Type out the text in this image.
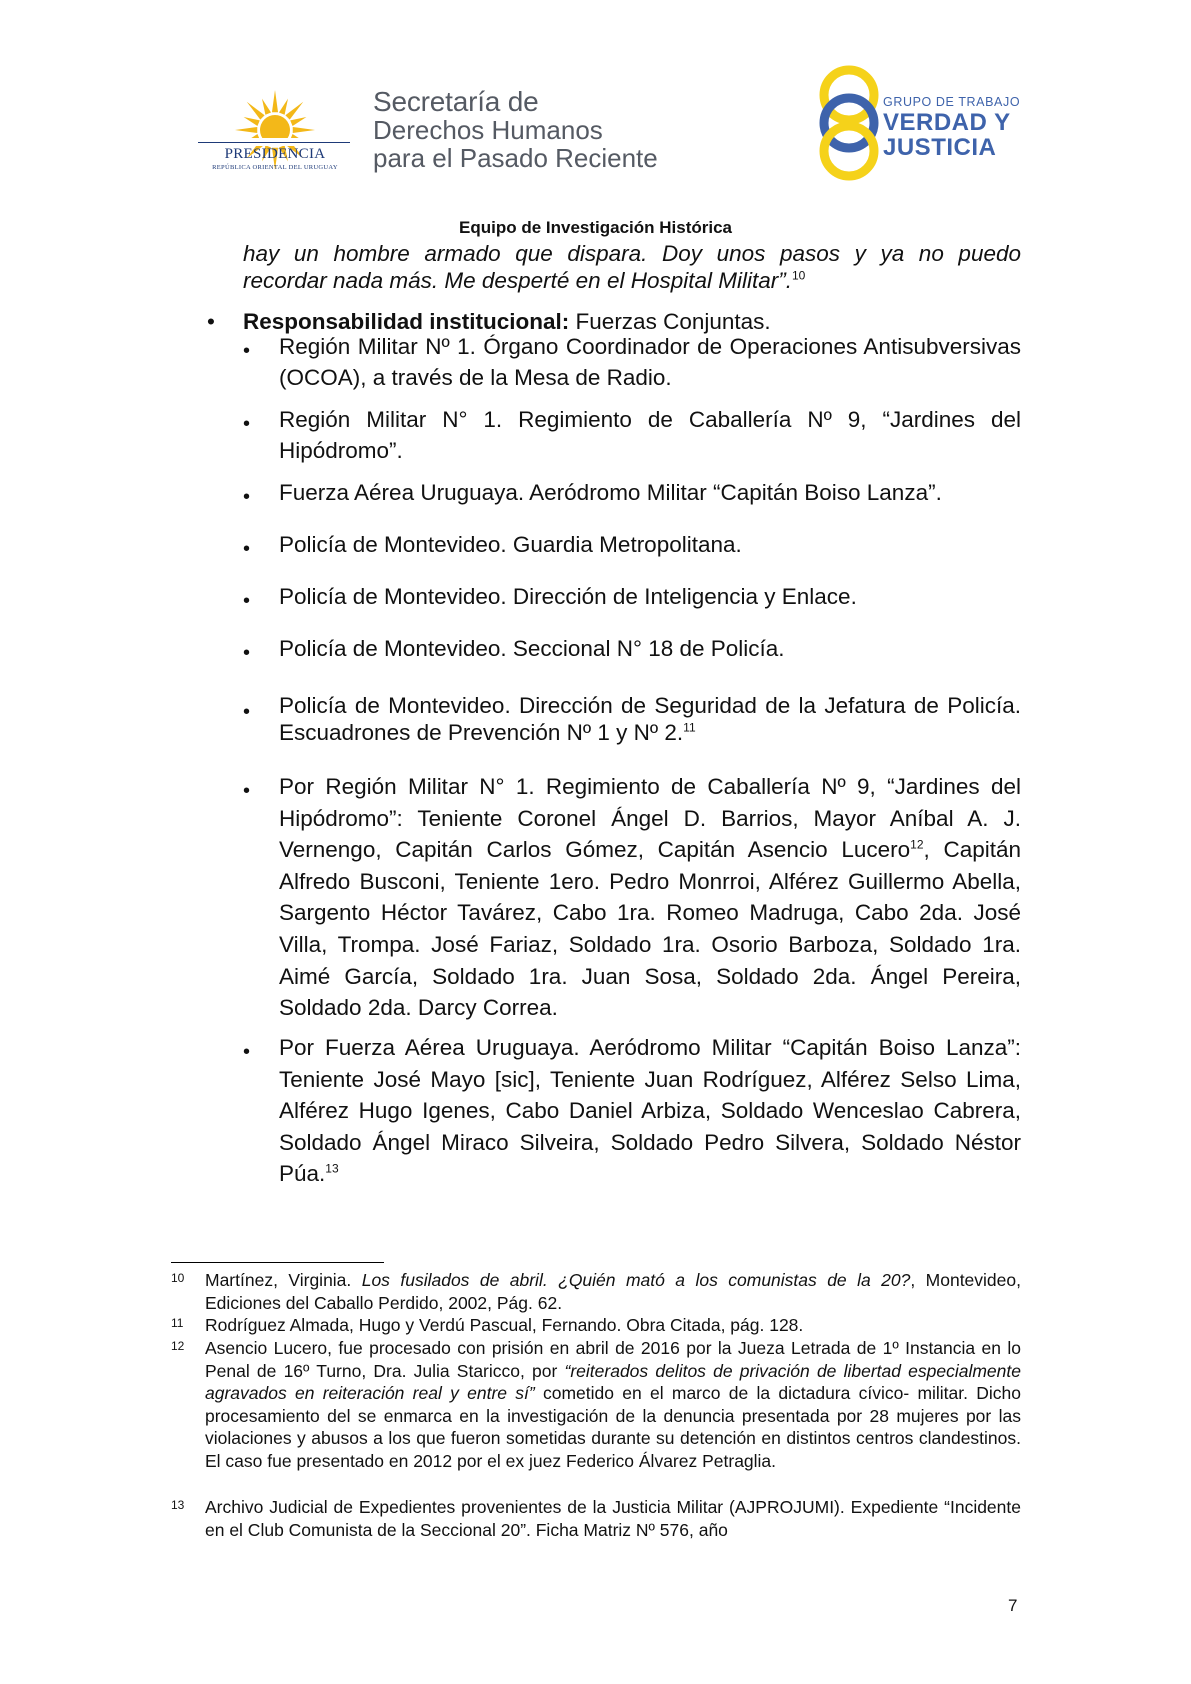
PRESIDENCIA
REPÚBLICA ORIENTAL DEL URUGUAY
Secretaría de
Derechos Humanos
para el Pasado Reciente
GRUPO DE TRABAJO
VERDAD Y
JUSTICIA
Equipo de Investigación Histórica
hay un hombre armado que dispara. Doy unos pasos y ya no puedo
recordar nada más. Me desperté en el Hospital Militar”.$^{10}$
• Responsabilidad institucional: Fuerzas Conjuntas.
• Región Militar Nº 1. Órgano Coordinador de Operaciones Antisubversivas (OCOA), a través de la Mesa de Radio.
• Región Militar N° 1. Regimiento de Caballería Nº 9, “Jardines del Hipódromo”.
• Fuerza Aérea Uruguaya. Aeródromo Militar “Capitán Boiso Lanza”.
• Policía de Montevideo. Guardia Metropolitana.
• Policía de Montevideo. Dirección de Inteligencia y Enlace.
• Policía de Montevideo. Seccional N° 18 de Policía.
• Policía de Montevideo. Dirección de Seguridad de la Jefatura de Policía. Escuadrones de Prevención Nº 1 y Nº 2.11
• Por Región Militar N° 1. Regimiento de Caballería Nº 9, “Jardines del Hipódromo”: Teniente Coronel Ángel D. Barrios, Mayor Aníbal A. J. Vernengo, Capitán Carlos Gómez, Capitán Asencio Lucero$^{12}$, Capitán Alfredo Busconi, Teniente 1ero. Pedro Monrroi, Alférez Guillermo Abella, Sargento Héctor Tavárez, Cabo 1ra. Romeo Madruga, Cabo 2da. José Villa, Trompa. José Fariaz, Soldado 1ra. Osorio Barboza, Soldado 1ra. Aimé García, Soldado 1ra. Juan Sosa, Soldado 2da. Ángel Pereira, Soldado 2da. Darcy Correa.
• Por Fuerza Aérea Uruguaya. Aeródromo Militar “Capitán Boiso Lanza”: Teniente José Mayo [sic], Teniente Juan Rodríguez, Alférez Selso Lima, Alférez Hugo Igenes, Cabo Daniel Arbiza, Soldado Wenceslao Cabrera, Soldado Ángel Miraco Silveira, Soldado Pedro Silvera, Soldado Néstor Púa.$^{13}$
10 Martínez, Virginia. Los fusilados de abril. ¿Quién mató a los comunistas de la 20?, Montevideo, Ediciones del Caballo Perdido, 2002, Pág. 62.
11 Rodríguez Almada, Hugo y Verdú Pascual, Fernando. Obra Citada, pág. 128.
12 Asencio Lucero, fue procesado con prisión en abril de 2016 por la Jueza Letrada de 1º Instancia en lo Penal de 16º Turno, Dra. Julia Staricco, por “reiterados delitos de privación de libertad especialmente agravados en reiteración real y entre sí” cometido en el marco de la dictadura cívico- militar. Dicho procesamiento del se enmarca en la investigación de la denuncia presentada por 28 mujeres por las violaciones y abusos a los que fueron sometidas durante su detención en distintos centros clandestinos. El caso fue presentado en 2012 por el ex juez Federico Álvarez Petraglia.
13 Archivo Judicial de Expedientes provenientes de la Justicia Militar (AJPROJUMI). Expediente “Incidente en el Club Comunista de la Seccional 20”. Ficha Matriz Nº 576, año
7
